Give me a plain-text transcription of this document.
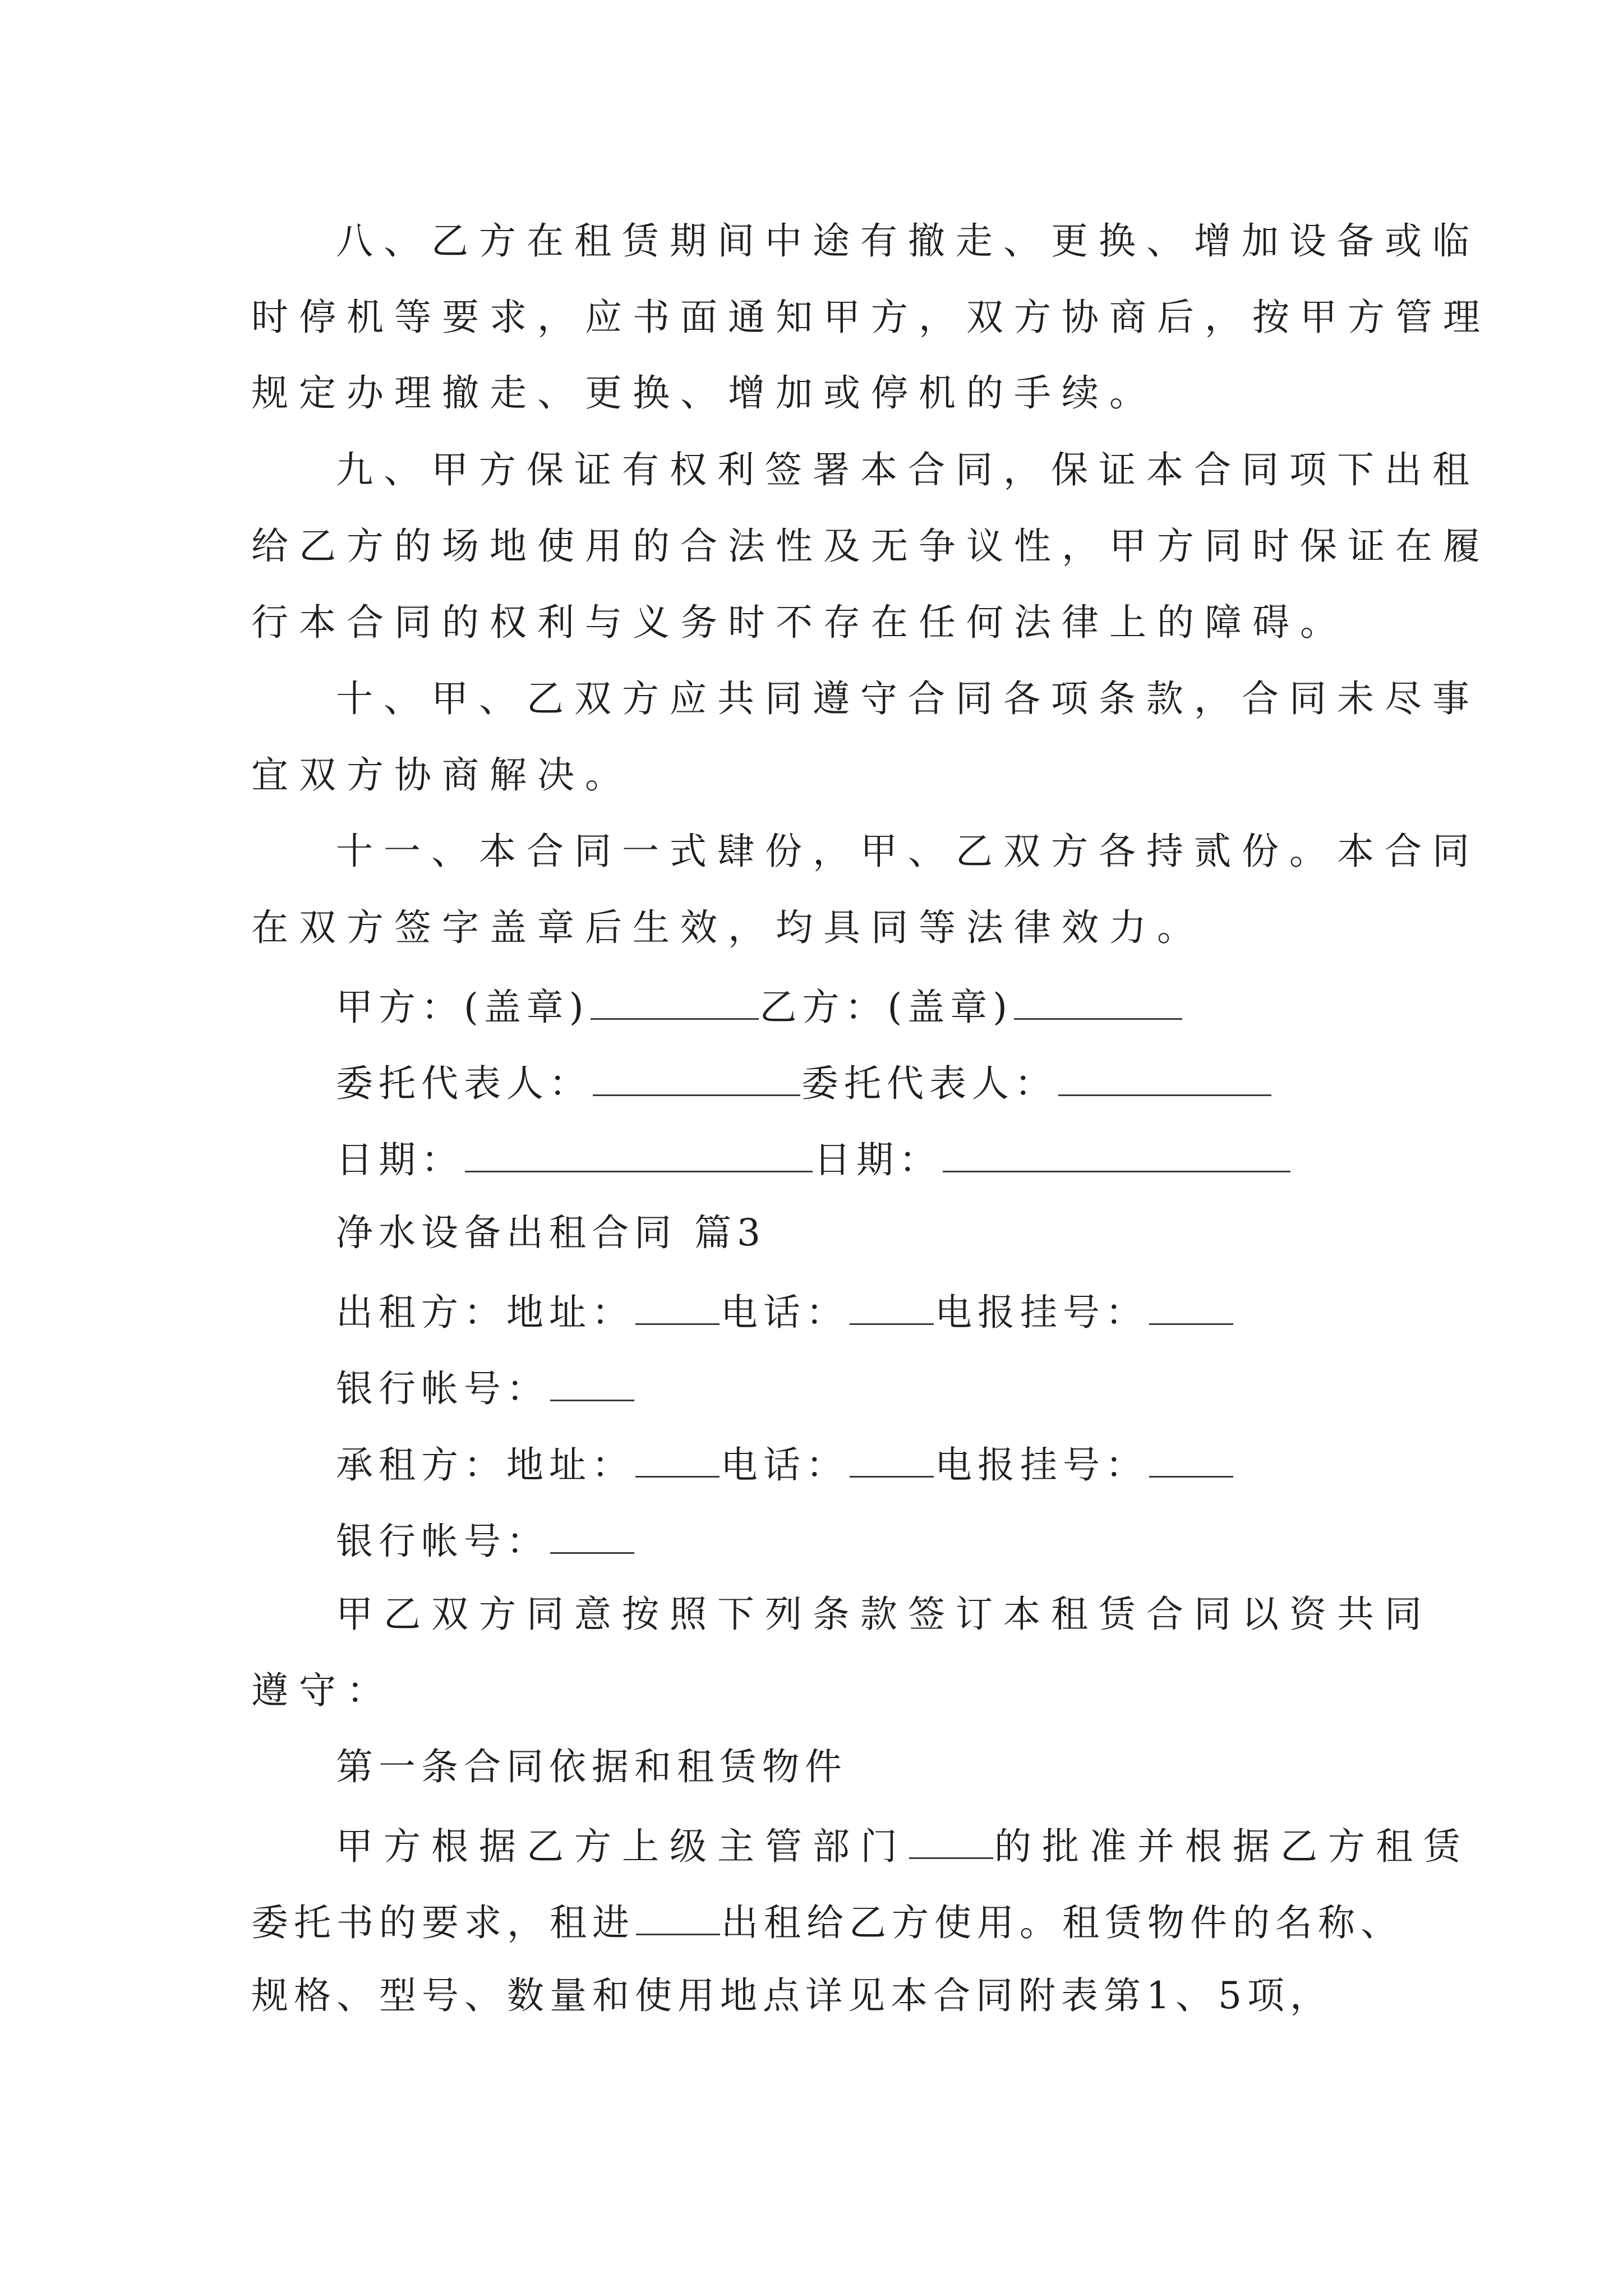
八、乙方在租赁期间中途有撤走、更换、增加设备或临
时停机等要求，应书面通知甲方，双方协商后，按甲方管理
规定办理撤走、更换、增加或停机的手续。
九、甲方保证有权利签署本合同，保证本合同项下出租
给乙方的场地使用的合法性及无争议性，甲方同时保证在履
行本合同的权利与义务时不存在任何法律上的障碍。
十、甲、乙双方应共同遵守合同各项条款，合同未尽事
宜双方协商解决。
十一、本合同一式肆份，甲、乙双方各持贰份。本合同
在双方签字盖章后生效，均具同等法律效力。
甲方：(盖章)	乙方：(盖章)
委托代表人：	委托代表人：
日期：	日期：
净水设备出租合同 篇3
出租方：地址： 电话： 电报挂号：
银行帐号：
承租方：地址： 电话： 电报挂号：
银行帐号：
甲乙双方同意按照下列条款签订本租赁合同以资共同
遵守：
第一条合同依据和租赁物件
甲方根据乙方上级主管部门 的批准并根据乙方租赁
委托书的要求，租进 出租给乙方使用。租赁物件的名称、
规格、型号、数量和使用地点详见本合同附表第1、5项，
